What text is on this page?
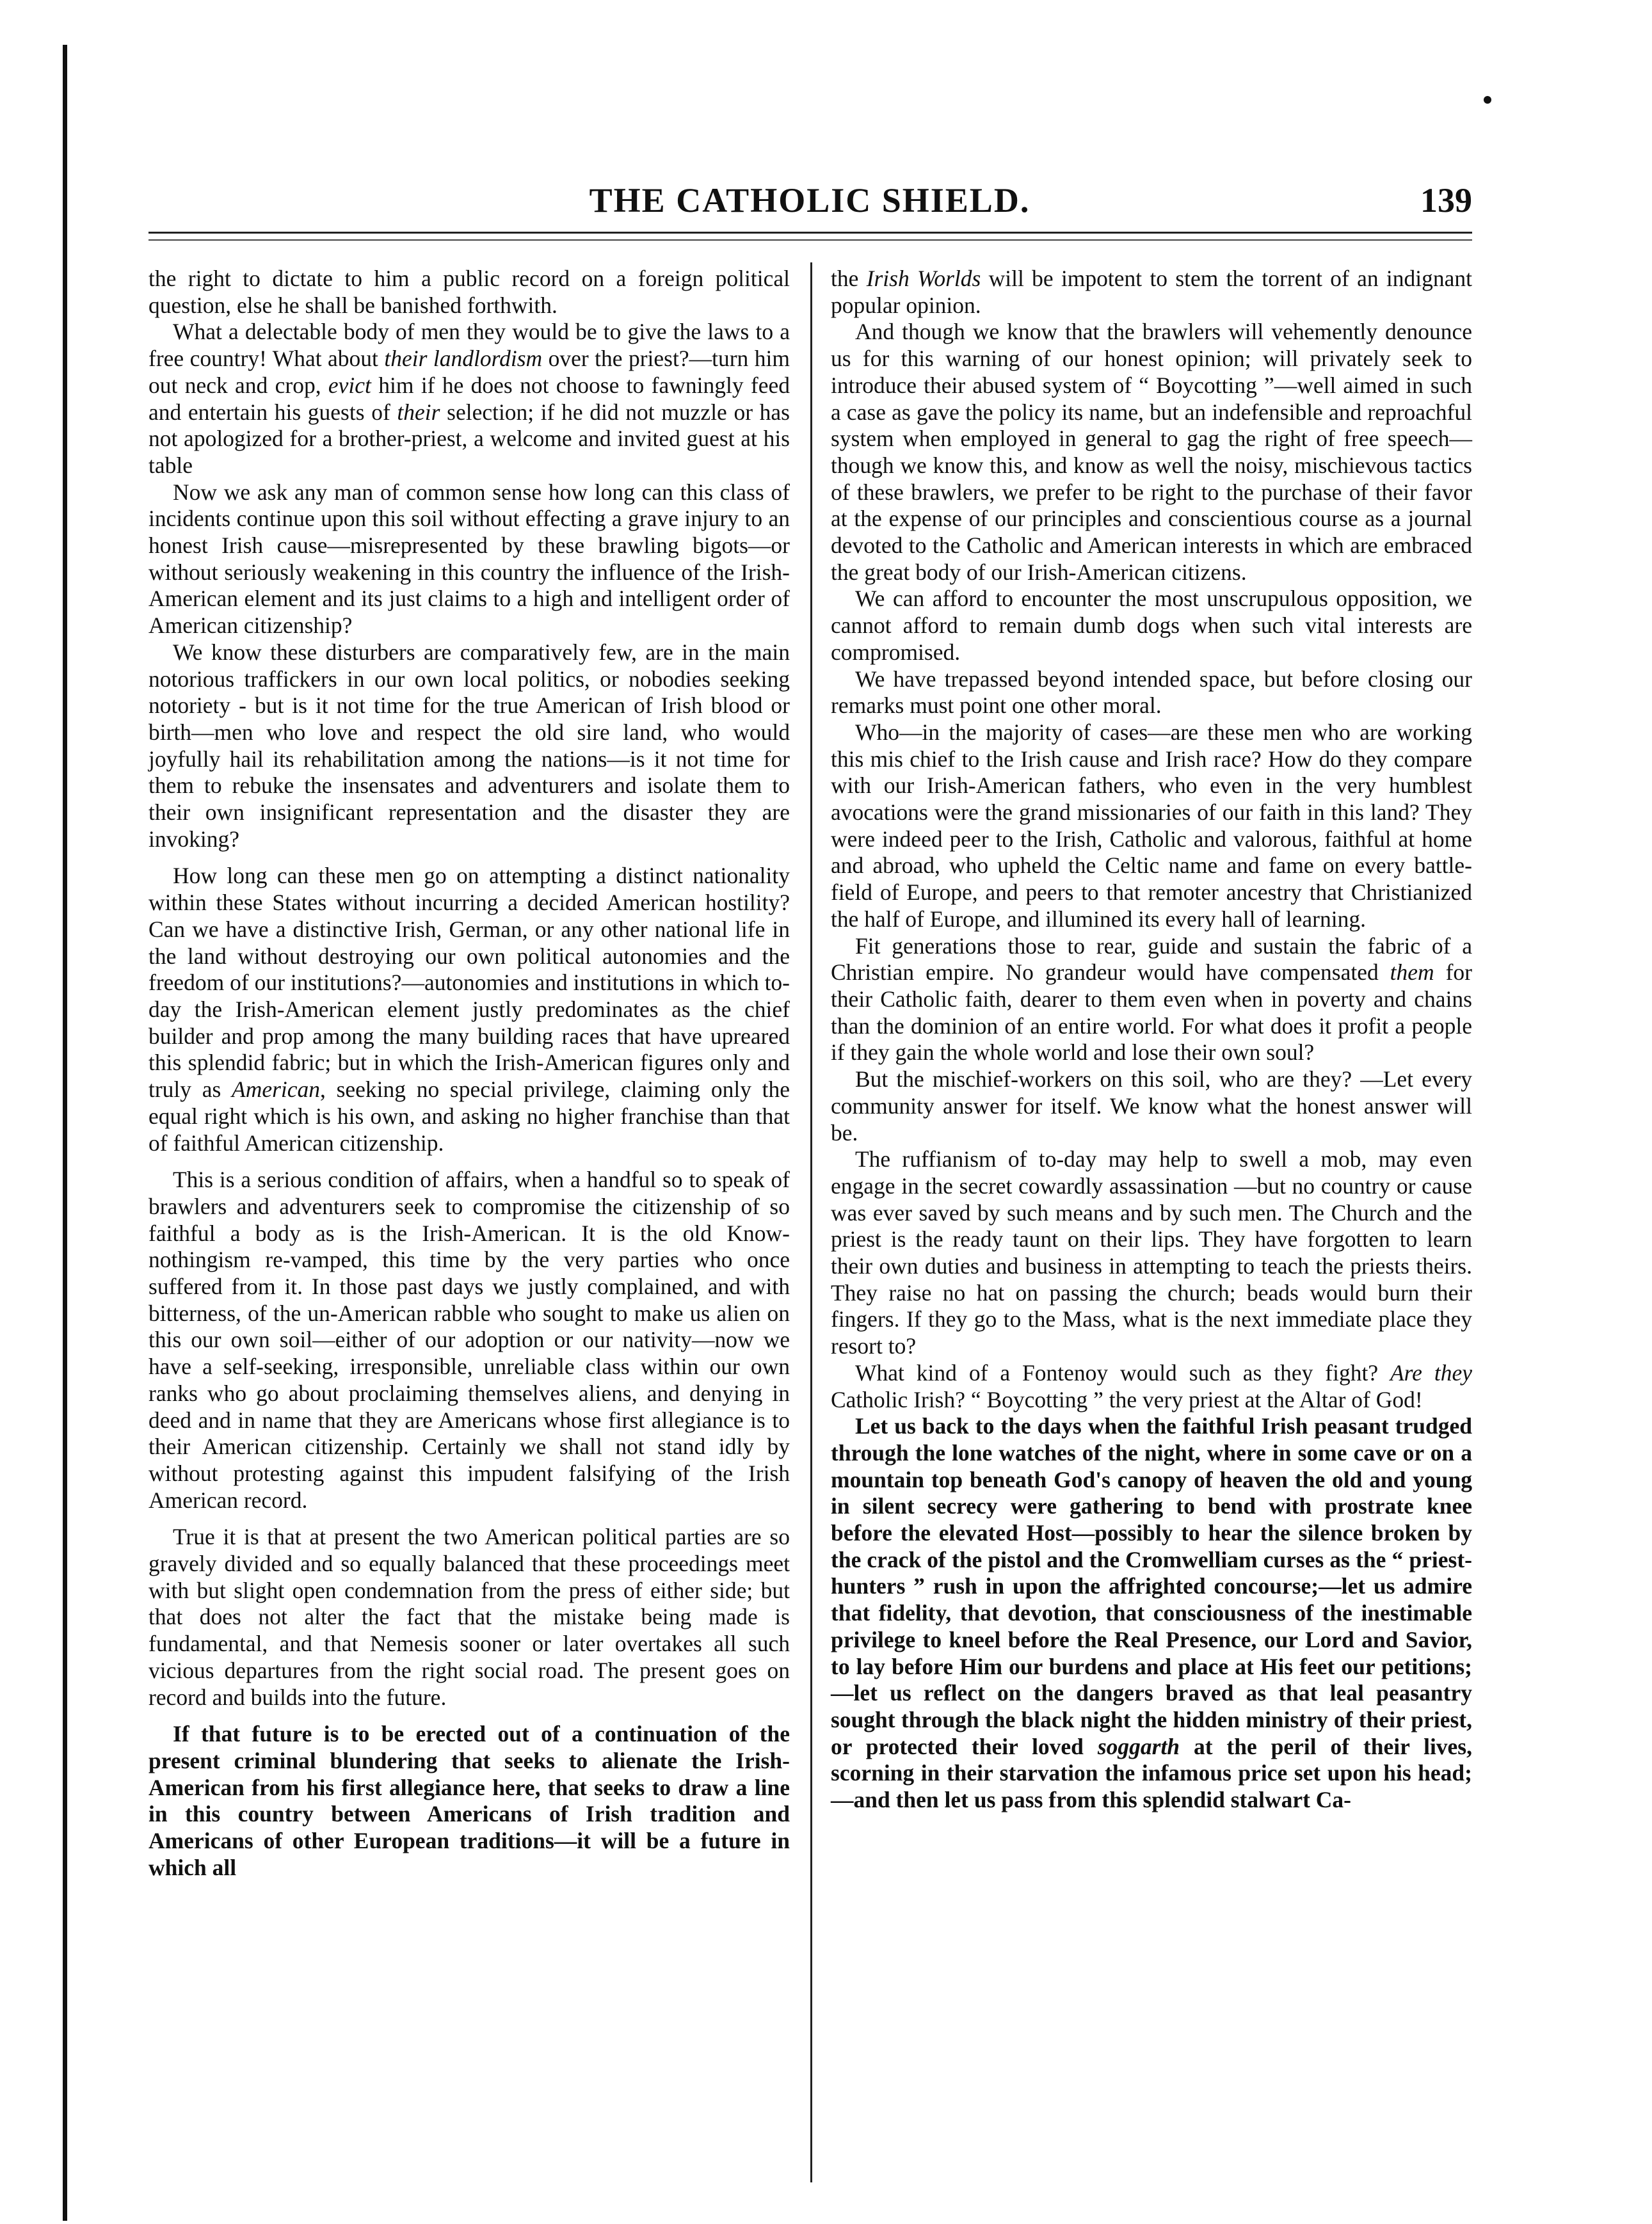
THE CATHOLIC SHIELD.	139

the right to dictate to him a public record on a foreign political question, else he shall be banished forthwith.

What a delectable body of men they would be to give the laws to a free country! What about their landlordism over the priest?—turn him out neck and crop, evict him if he does not choose to fawningly feed and entertain his guests of their selection; if he did not muzzle or has not apologized for a brother-priest, a welcome and invited guest at his table

Now we ask any man of common sense how long can this class of incidents continue upon this soil without effecting a grave injury to an honest Irish cause—misrepresented by these brawling bigots—or without seriously weakening in this country the influence of the Irish-American element and its just claims to a high and intelligent order of American citizenship?

We know these disturbers are comparatively few, are in the main notorious traffickers in our own local politics, or nobodies seeking notoriety - but is it not time for the true American of Irish blood or birth—men who love and respect the old sire land, who would joyfully hail its rehabilitation among the nations—is it not time for them to rebuke the insensates and adventurers and isolate them to their own insignificant representation and the disaster they are invoking?

How long can these men go on attempting a distinct nationality within these States without incurring a decided American hostility? Can we have a distinctive Irish, German, or any other national life in the land without destroying our own political autonomies and the freedom of our institutions?—autonomies and institutions in which to-day the Irish-American element justly predominates as the chief builder and prop among the many building races that have upreared this splendid fabric; but in which the Irish-American figures only and truly as American, seeking no special privilege, claiming only the equal right which is his own, and asking no higher franchise than that of faithful American citizenship.

This is a serious condition of affairs, when a handful so to speak of brawlers and adventurers seek to compromise the citizenship of so faithful a body as is the Irish-American. It is the old Know-nothingism re-vamped, this time by the very parties who once suffered from it. In those past days we justly complained, and with bitterness, of the un-American rabble who sought to make us alien on this our own soil—either of our adoption or our nativity—now we have a self-seeking, irresponsible, unreliable class within our own ranks who go about proclaiming themselves aliens, and denying in deed and in name that they are Americans whose first allegiance is to their American citizenship. Certainly we shall not stand idly by without protesting against this impudent falsifying of the Irish American record.

True it is that at present the two American political parties are so gravely divided and so equally balanced that these proceedings meet with but slight open condemnation from the press of either side; but that does not alter the fact that the mistake being made is fundamental, and that Nemesis sooner or later overtakes all such vicious departures from the right social road. The present goes on record and builds into the future.

If that future is to be erected out of a continuation of the present criminal blundering that seeks to alienate the Irish-American from his first allegiance here, that seeks to draw a line in this country between Americans of Irish tradition and Americans of other European traditions—it will be a future in which all

the Irish Worlds will be impotent to stem the torrent of an indignant popular opinion.

And though we know that the brawlers will vehemently denounce us for this warning of our honest opinion; will privately seek to introduce their abused system of “ Boycotting ”—well aimed in such a case as gave the policy its name, but an indefensible and reproachful system when employed in general to gag the right of free speech—though we know this, and know as well the noisy, mischievous tactics of these brawlers, we prefer to be right to the purchase of their favor at the expense of our principles and conscientious course as a journal devoted to the Catholic and American interests in which are embraced the great body of our Irish-American citizens.

We can afford to encounter the most unscrupulous opposition, we cannot afford to remain dumb dogs when such vital interests are compromised.

We have trepassed beyond intended space, but before closing our remarks must point one other moral.

Who—in the majority of cases—are these men who are working this mis chief to the Irish cause and Irish race? How do they compare with our Irish-American fathers, who even in the very humblest avocations were the grand missionaries of our faith in this land? They were indeed peer to the Irish, Catholic and valorous, faithful at home and abroad, who upheld the Celtic name and fame on every battle-field of Europe, and peers to that remoter ancestry that Christianized the half of Europe, and illumined its every hall of learning.

Fit generations those to rear, guide and sustain the fabric of a Christian empire. No grandeur would have compensated them for their Catholic faith, dearer to them even when in poverty and chains than the dominion of an entire world. For what does it profit a people if they gain the whole world and lose their own soul?

But the mischief-workers on this soil, who are they? —Let every community answer for itself. We know what the honest answer will be.

The ruffianism of to-day may help to swell a mob, may even engage in the secret cowardly assassination —but no country or cause was ever saved by such means and by such men. The Church and the priest is the ready taunt on their lips. They have forgotten to learn their own duties and business in attempting to teach the priests theirs. They raise no hat on passing the church; beads would burn their fingers. If they go to the Mass, what is the next immediate place they resort to?

What kind of a Fontenoy would such as they fight? Are they Catholic Irish? “ Boycotting ” the very priest at the Altar of God!

Let us back to the days when the faithful Irish peasant trudged through the lone watches of the night, where in some cave or on a mountain top beneath God's canopy of heaven the old and young in silent secrecy were gathering to bend with prostrate knee before the elevated Host—possibly to hear the silence broken by the crack of the pistol and the Cromwelliam curses as the “ priest-hunters ” rush in upon the affrighted concourse;—let us admire that fidelity, that devotion, that consciousness of the inestimable privilege to kneel before the Real Presence, our Lord and Savior, to lay before Him our burdens and place at His feet our petitions;—let us reflect on the dangers braved as that leal peasantry sought through the black night the hidden ministry of their priest, or protected their loved soggarth at the peril of their lives, scorning in their starvation the infamous price set upon his head;—and then let us pass from this splendid stalwart Ca-
